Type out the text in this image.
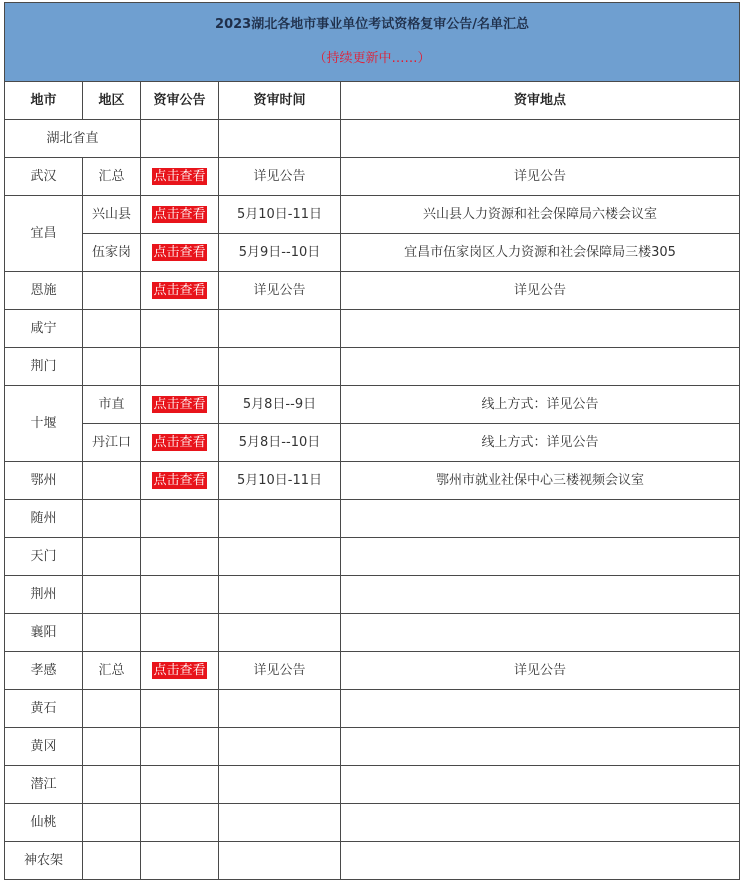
2023湖北各地市事业单位考试资格复审公告/名单汇总
（持续更新中……）				

地市	地区	资审公告	资审时间	资审地点
湖北省直				
武汉	汇总	点击查看	详见公告	详见公告
宜昌	兴山县	点击查看	5月10日-11日	兴山县人力资源和社会保障局六楼会议室
	伍家岗	点击查看	5月9日--10日	宜昌市伍家岗区人力资源和社会保障局三楼305
恩施		点击查看	详见公告	详见公告
咸宁				
荆门				
十堰	市直	点击查看	5月8日--9日	线上方式：详见公告
	丹江口	点击查看	5月8日--10日	线上方式：详见公告
鄂州		点击查看	5月10日-11日	鄂州市就业社保中心三楼视频会议室
随州				
天门				
荆州				
襄阳				
孝感	汇总	点击查看	详见公告	详见公告
黄石				
黄冈				
潜江				
仙桃				
神农架				
